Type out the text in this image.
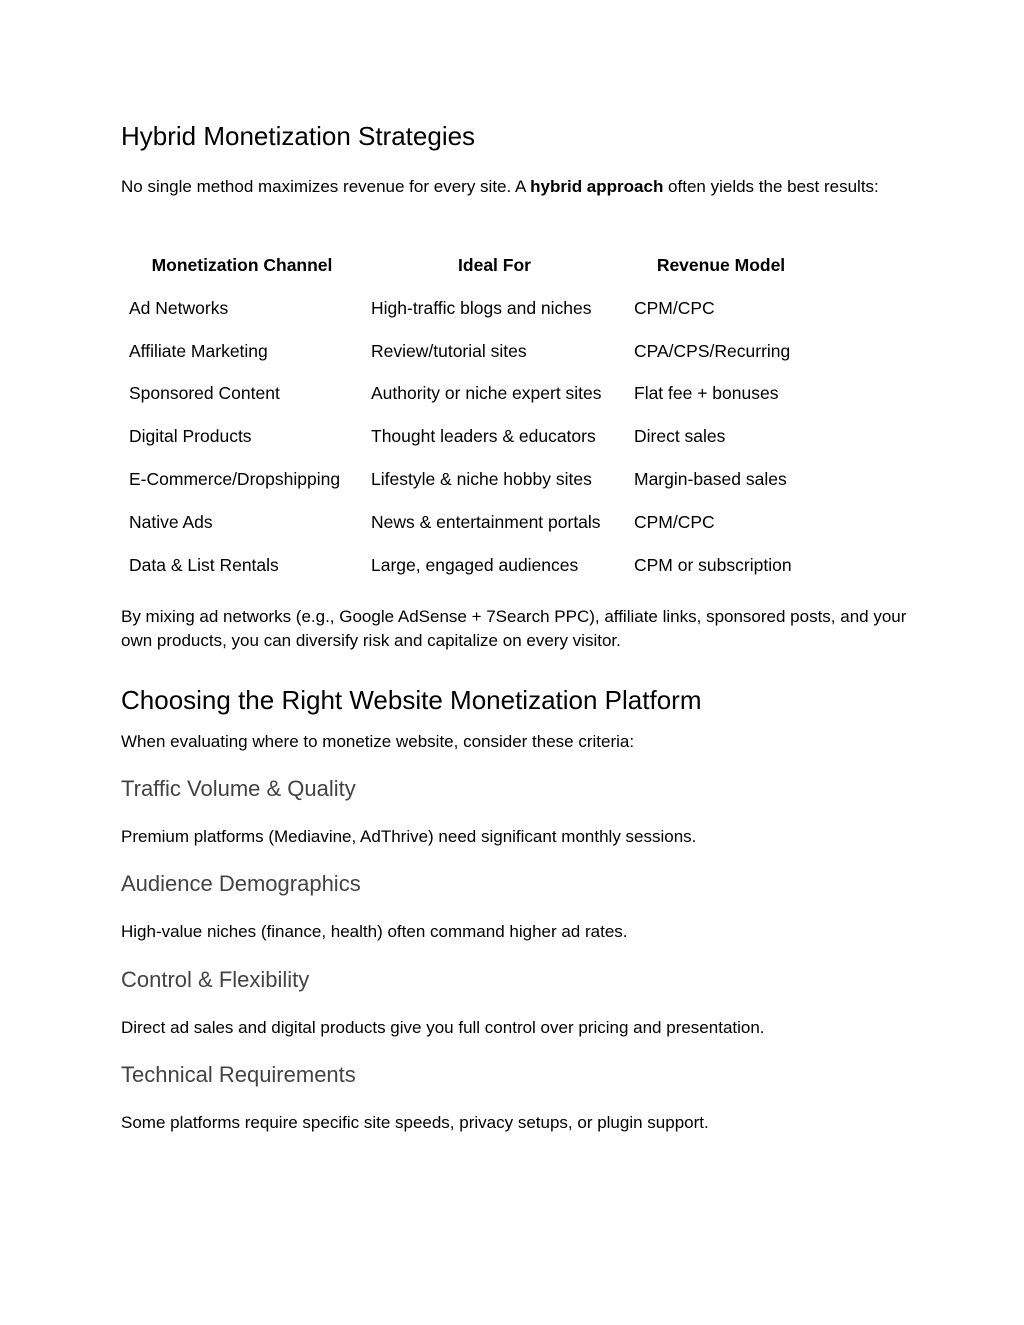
Hybrid Monetization Strategies

No single method maximizes revenue for every site. A hybrid approach often yields the best results:

Monetization Channel	Ideal For	Revenue Model
Ad Networks	High-traffic blogs and niches	CPM/CPC
Affiliate Marketing	Review/tutorial sites	CPA/CPS/Recurring
Sponsored Content	Authority or niche expert sites	Flat fee + bonuses
Digital Products	Thought leaders & educators	Direct sales
E-Commerce/Dropshipping	Lifestyle & niche hobby sites	Margin-based sales
Native Ads	News & entertainment portals	CPM/CPC
Data & List Rentals	Large, engaged audiences	CPM or subscription

By mixing ad networks (e.g., Google AdSense + 7Search PPC), affiliate links, sponsored posts, and your own products, you can diversify risk and capitalize on every visitor.

Choosing the Right Website Monetization Platform

When evaluating where to monetize website, consider these criteria:

Traffic Volume & Quality

Premium platforms (Mediavine, AdThrive) need significant monthly sessions.

Audience Demographics

High-value niches (finance, health) often command higher ad rates.

Control & Flexibility

Direct ad sales and digital products give you full control over pricing and presentation.

Technical Requirements

Some platforms require specific site speeds, privacy setups, or plugin support.
